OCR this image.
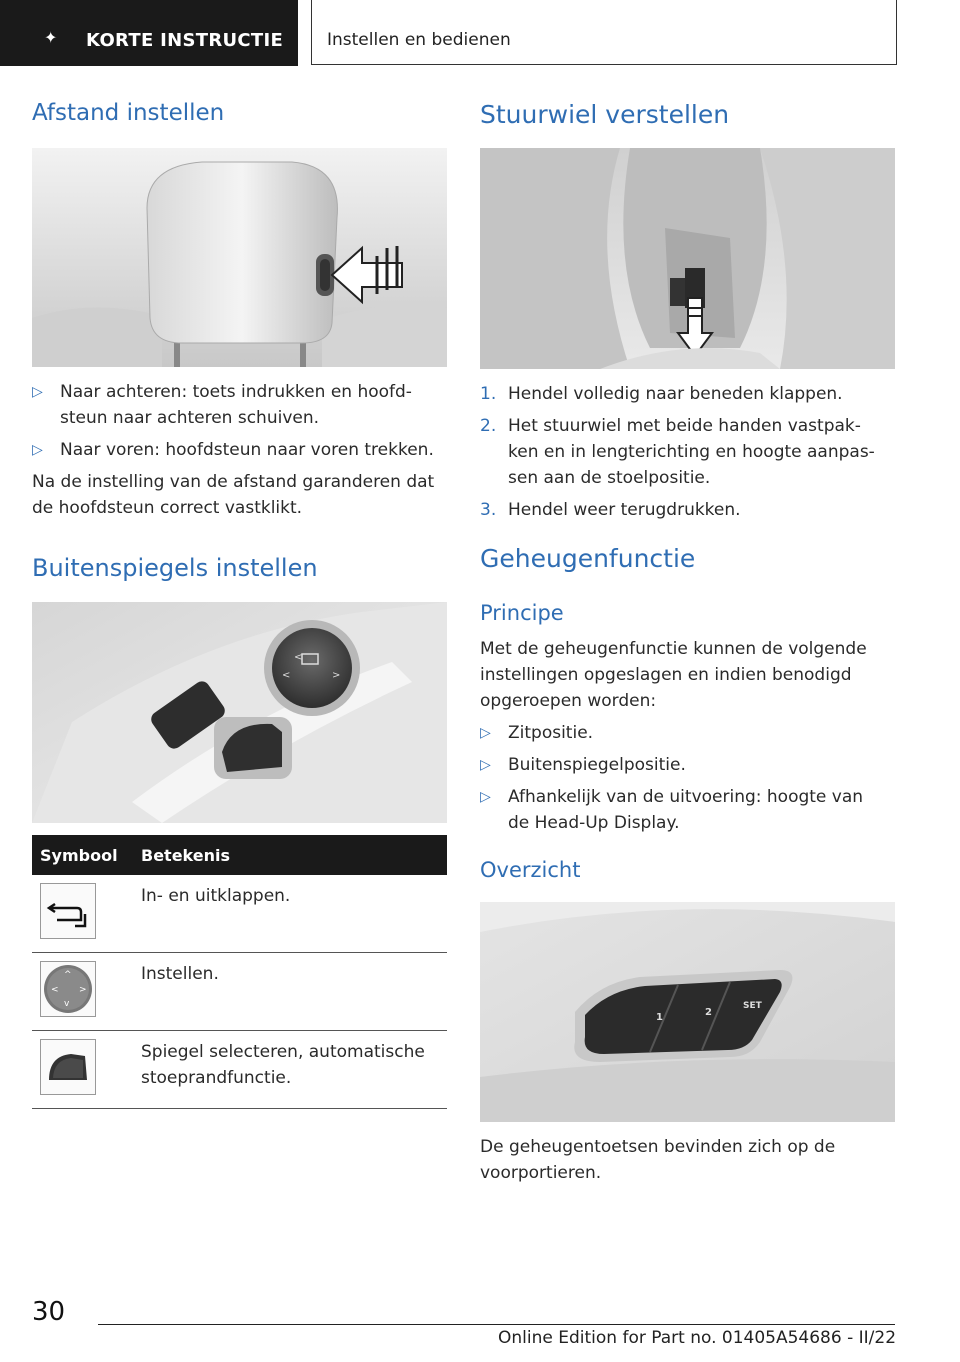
✦ KORTE INSTRUCTIE	Instellen en bedienen
Afstand instellen
▷ Naar achteren: toets indrukken en hoofd-
steun naar achteren schuiven.
▷ Naar voren: hoofdsteun naar voren trekken.

Na de instelling van de afstand garanderen dat

de hoofdsteun correct vastklikt.

Buitenspiegels instellen
<
<	>
Symbool	Betekenis

	In- en uitklappen.

^
< >
v	Instellen.

Spiegel selecteren, automatische
stoeprandfunctie.
Stuurwiel verstellen
1. Hendel volledig naar beneden klappen.
2. Het stuurwiel met beide handen vastpak-
ken en in lengterichting en hoogte aanpas-
sen aan de stoelpositie.
3. Hendel weer terugdrukken.
Geheugenfunctie
Principe

Met de geheugenfunctie kunnen de volgende

instellingen opgeslagen en indien benodigd

opgeroepen worden:

▷ Zitpositie.
▷ Buitenspiegelpositie.
▷ Afhankelijk van de uitvoering: hoogte van
de Head-Up Display.
Overzicht
1	2
SET

De geheugentoetsen bevinden zich op de

voorportieren.

30
Online Edition for Part no. 01405A54686 - II/22
